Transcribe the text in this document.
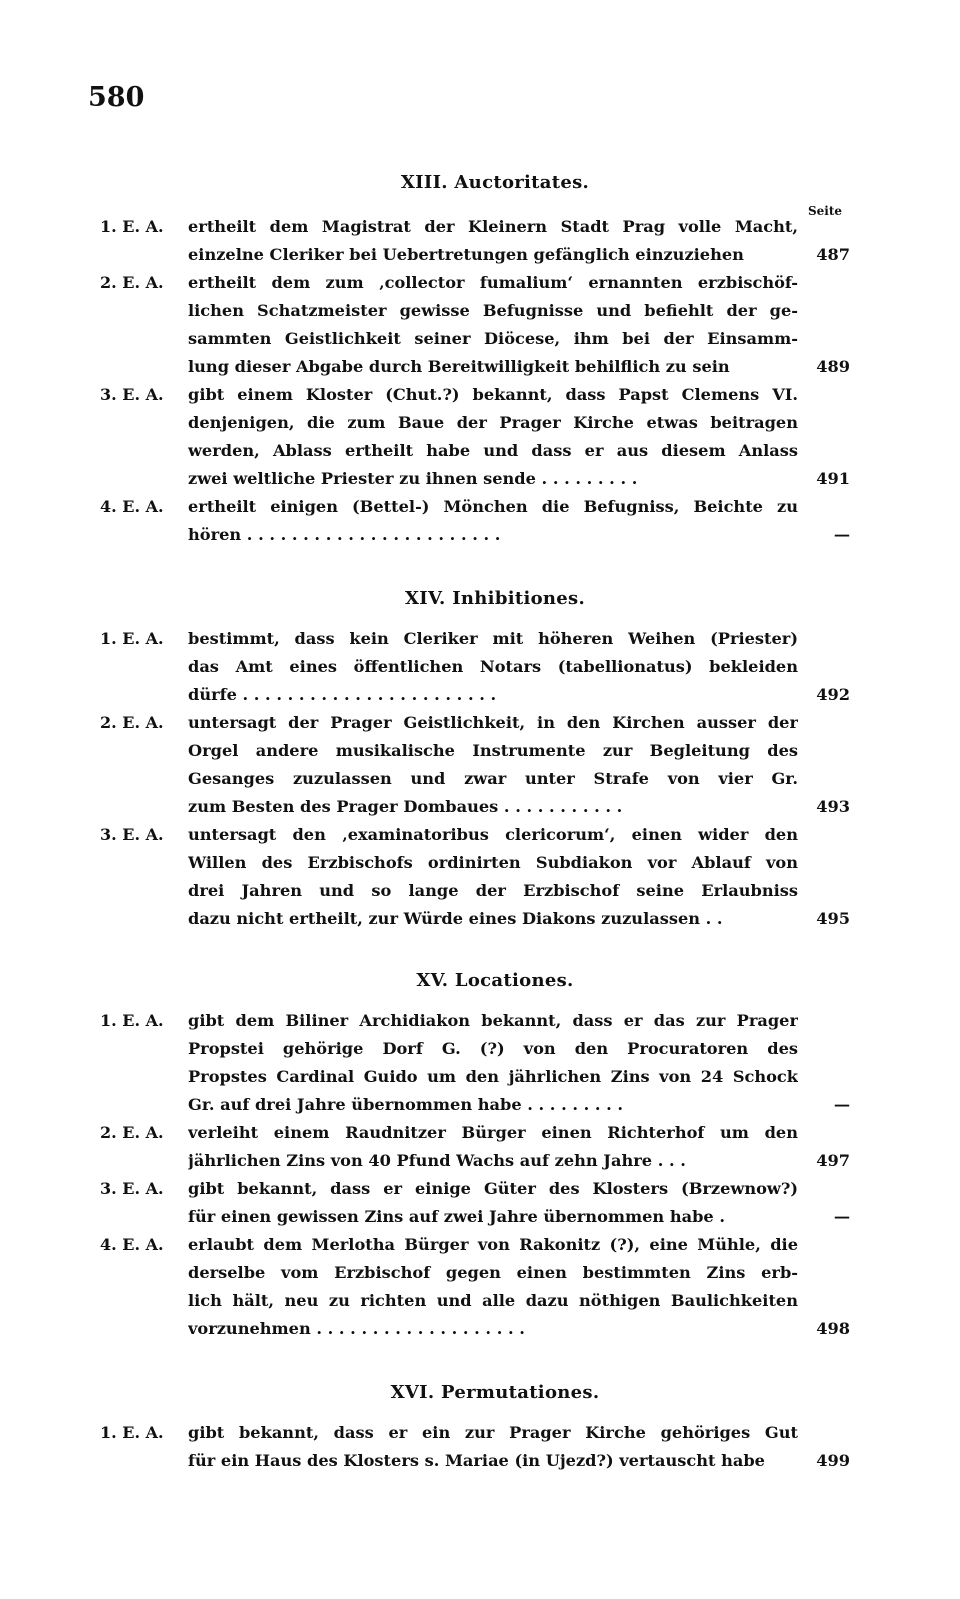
580
XIII. Auctoritates.
Seite
1. E. A.	ertheilt dem Magistrat der Kleinern Stadt Prag volle Macht,
einzelne Cleriker bei Uebertretungen gefänglich einzuziehen	487
2. E. A.	ertheilt dem zum ‚collector fumalium‘ ernannten erzbischöf-
lichen Schatzmeister gewisse Befugnisse und befiehlt der ge-
sammten Geistlichkeit seiner Diöcese, ihm bei der Einsamm-
lung dieser Abgabe durch Bereitwilligkeit behilflich zu sein	489
3. E. A.	gibt einem Kloster (Chut.?) bekannt, dass Papst Clemens VI.
denjenigen, die zum Baue der Prager Kirche etwas beitragen
werden, Ablass ertheilt habe und dass er aus diesem Anlass
zwei weltliche Priester zu ihnen sende . . . . . . . . .	491
4. E. A.	ertheilt einigen (Bettel-) Mönchen die Befugniss, Beichte zu
hören . . . . . . . . . . . . . . . . . . . . . . .	—
XIV. Inhibitiones.
1. E. A.	bestimmt, dass kein Cleriker mit höheren Weihen (Priester)
das Amt eines öffentlichen Notars (tabellionatus) bekleiden
dürfe . . . . . . . . . . . . . . . . . . . . . . .	492
2. E. A.	untersagt der Prager Geistlichkeit, in den Kirchen ausser der
Orgel andere musikalische Instrumente zur Begleitung des
Gesanges zuzulassen und zwar unter Strafe von vier Gr.
zum Besten des Prager Dombaues . . . . . . . . . . .	493
3. E. A.	untersagt den ‚examinatoribus clericorum‘, einen wider den
Willen des Erzbischofs ordinirten Subdiakon vor Ablauf von
drei Jahren und so lange der Erzbischof seine Erlaubniss
dazu nicht ertheilt, zur Würde eines Diakons zuzulassen . .	495
XV. Locationes.
1. E. A.	gibt dem Biliner Archidiakon bekannt, dass er das zur Prager
Propstei gehörige Dorf G. (?) von den Procuratoren des
Propstes Cardinal Guido um den jährlichen Zins von 24 Schock
Gr. auf drei Jahre übernommen habe . . . . . . . . .	—
2. E. A.	verleiht einem Raudnitzer Bürger einen Richterhof um den
jährlichen Zins von 40 Pfund Wachs auf zehn Jahre . . .	497
3. E. A.	gibt bekannt, dass er einige Güter des Klosters (Brzewnow?)
für einen gewissen Zins auf zwei Jahre übernommen habe .	—
4. E. A.	erlaubt dem Merlotha Bürger von Rakonitz (?), eine Mühle, die
derselbe vom Erzbischof gegen einen bestimmten Zins erb-
lich hält, neu zu richten und alle dazu nöthigen Baulichkeiten
vorzunehmen . . . . . . . . . . . . . . . . . . .	498
XVI. Permutationes.
1. E. A.	gibt bekannt, dass er ein zur Prager Kirche gehöriges Gut
für ein Haus des Klosters s. Mariae (in Ujezd?) vertauscht habe	499
